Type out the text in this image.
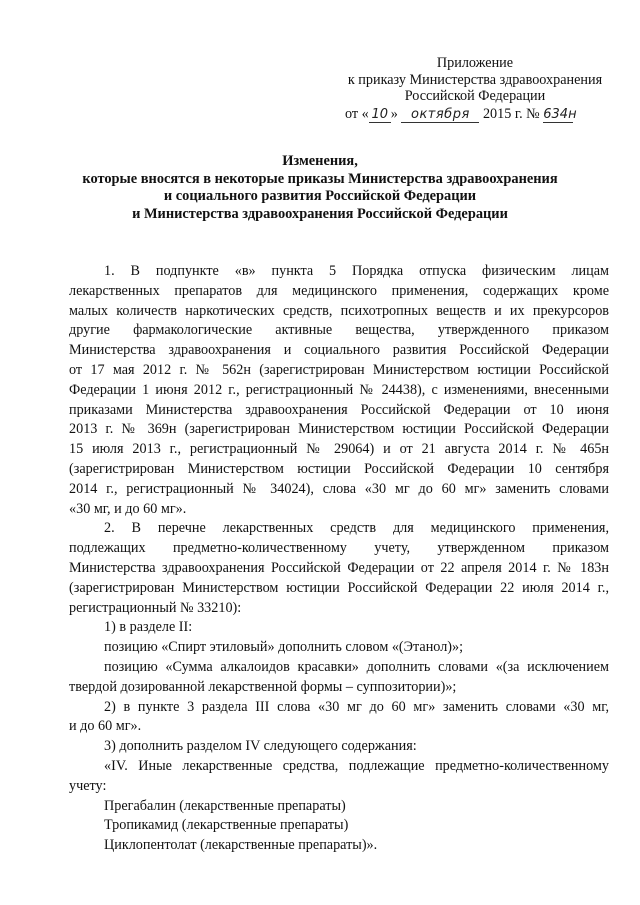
Приложение
к приказу Министерства здравоохранения
Российской Федерации
от « 10 » октября 2015 г. № 634н
Изменения,
которые вносятся в некоторые приказы Министерства здравоохранения
и социального развития Российской Федерации
и Министерства здравоохранения Российской Федерации
1. В подпункте «в» пункта 5 Порядка отпуска физическим лицам
лекарственных препаратов для медицинского применения, содержащих кроме
малых количеств наркотических средств, психотропных веществ и их прекурсоров
другие фармакологические активные вещества, утвержденного приказом
Министерства здравоохранения и социального развития Российской Федерации
от 17 мая 2012 г. № 562н (зарегистрирован Министерством юстиции Российской
Федерации 1 июня 2012 г., регистрационный № 24438), с изменениями, внесенными
приказами Министерства здравоохранения Российской Федерации от 10 июня
2013 г. № 369н (зарегистрирован Министерством юстиции Российской Федерации
15 июля 2013 г., регистрационный № 29064) и от 21 августа 2014 г. № 465н
(зарегистрирован Министерством юстиции Российской Федерации 10 сентября
2014 г., регистрационный № 34024), слова «30 мг до 60 мг» заменить словами
«30 мг, и до 60 мг».
2. В перечне лекарственных средств для медицинского применения,
подлежащих предметно-количественному учету, утвержденном приказом
Министерства здравоохранения Российской Федерации от 22 апреля 2014 г. № 183н
(зарегистрирован Министерством юстиции Российской Федерации 22 июля 2014 г.,
регистрационный № 33210):
1) в разделе II:
позицию «Спирт этиловый» дополнить словом «(Этанол)»;
позицию «Сумма алкалоидов красавки» дополнить словами «(за исключением
твердой дозированной лекарственной формы – суппозитории)»;
2) в пункте 3 раздела III слова «30 мг до 60 мг» заменить словами «30 мг,
и до 60 мг».
3) дополнить разделом IV следующего содержания:
«IV. Иные лекарственные средства, подлежащие предметно-количественному
учету:
Прегабалин (лекарственные препараты)
Тропикамид (лекарственные препараты)
Циклопентолат (лекарственные препараты)».
